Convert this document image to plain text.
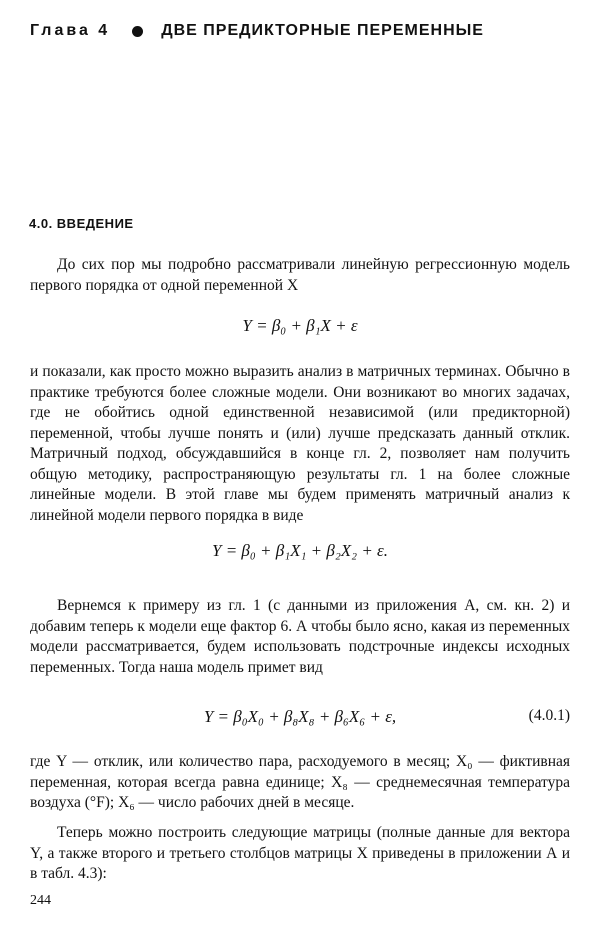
Глава 4	ДВЕ ПРЕДИКТОРНЫЕ ПЕРЕМЕННЫЕ
4.0. ВВЕДЕНИЕ

До сих пор мы подробно рассматривали линейную регрессионную модель первого порядка от одной переменной X

Y = β₀ + β₁X + ε

и показали, как просто можно выразить анализ в матричных терминах. Обычно в практике требуются более сложные модели. Они возникают во многих задачах, где не обойтись одной единственной независимой (или предикторной) переменной, чтобы лучше понять и (или) лучше предсказать данный отклик. Матричный подход, обсуждавшийся в конце гл. 2, позволяет нам получить общую методику, распространяющую результаты гл. 1 на более сложные линейные модели. В этой главе мы будем применять матричный анализ к линейной модели первого порядка в виде

Y = β₀ + β₁X₁ + β₂X₂ + ε.

Вернемся к примеру из гл. 1 (с данными из приложения А, см. кн. 2) и добавим теперь к модели еще фактор 6. А чтобы было ясно, какая из переменных модели рассматривается, будем использовать подстрочные индексы исходных переменных. Тогда наша модель примет вид

Y = β₀X₀ + β₈X₈ + β₆X₆ + ε,	(4.0.1)

где Y — отклик, или количество пара, расходуемого в месяц; X₀ — фиктивная переменная, которая всегда равна единице; X₈ — среднемесячная температура воздуха (°F); X₆ — число рабочих дней в месяце.

Теперь можно построить следующие матрицы (полные данные для вектора Y, а также второго и третьего столбцов матрицы X приведены в приложении А и в табл. 4.3):

244
